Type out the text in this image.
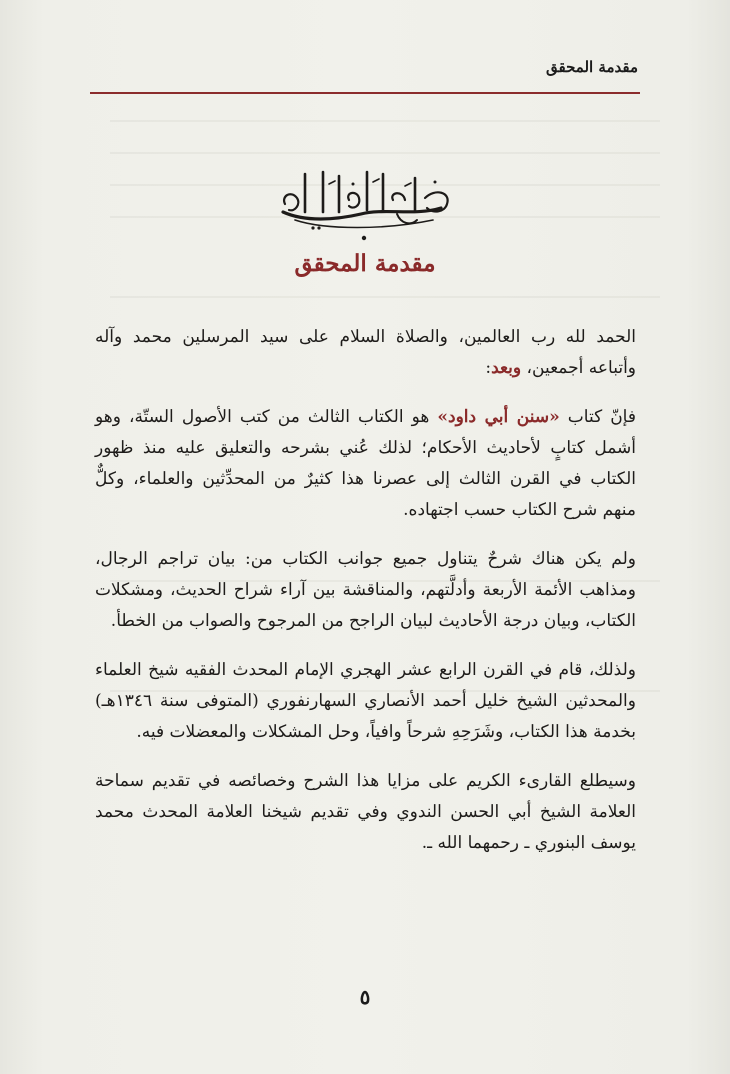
مقدمة المحقق
مقدمة المحقق

الحمد لله رب العالمين، والصلاة السلام على سيد المرسلين محمد وآله وأتباعه أجمعين، وبعد:

فإنّ كتاب «سنن أبي داود» هو الكتاب الثالث من كتب الأصول الستّة، وهو أشمل كتابٍ لأحاديث الأحكام؛ لذلك عُني بشرحه والتعليق عليه منذ ظهور الكتاب في القرن الثالث إلى عصرنا هذا كثيرٌ من المحدِّثين والعلماء، وكلٌّ منهم شرح الكتاب حسب اجتهاده.

ولم يكن هناك شرحٌ يتناول جميع جوانب الكتاب من: بيان تراجم الرجال، ومذاهب الأئمة الأربعة وأدلَّتهم، والمناقشة بين آراء شراح الحديث، ومشكلات الكتاب، وبيان درجة الأحاديث لبيان الراجح من المرجوح والصواب من الخطأ.

ولذلك، قام في القرن الرابع عشر الهجري الإمام المحدث الفقيه شيخ العلماء والمحدثين الشيخ خليل أحمد الأنصاري السهارنفوري (المتوفى سنة ١٣٤٦هـ) بخدمة هذا الكتاب، وشَرَحِهِ شرحاً وافياً، وحل المشكلات والمعضلات فيه.

وسيطلع القارىء الكريم على مزايا هذا الشرح وخصائصه في تقديم سماحة العلامة الشيخ أبي الحسن الندوي وفي تقديم شيخنا العلامة المحدث محمد يوسف البنوري ـ رحمهما الله ـ.

٥
